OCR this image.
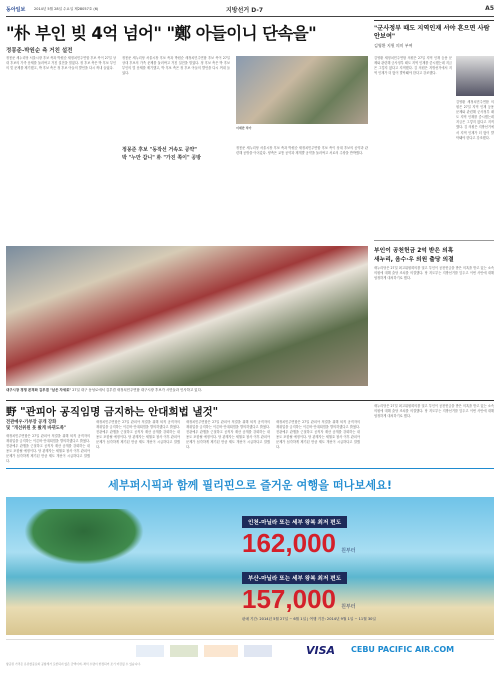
동아일보 2014년 5월 28일 수요일 제28057호 (6)	지방선거 D-7	A5
"朴 부인 빚 4억 넘어" "鄭 아들이니 단속을"
정몽준-박원순 측 거친 설전
정몽준 새누리당 서울시장 후보 측과 박원순 새정치민주연합 후보 측이 27일 상대 후보의 가족 문제를 둘러싸고 거친 설전을 벌였다. 정 후보 측은 박 후보 부인의 빚 문제를 제기했고, 박 후보 측은 정 후보 아들의 발언을 다시 꺼내 들었다.
정몽준 새누리당 서울시장 후보 측과 박원순 새정치민주연합 후보 측이 27일 상대 후보의 가족 문제를 둘러싸고 거친 설전을 벌였다. 정 후보 측은 박 후보 부인의 빚 문제를 제기했고, 박 후보 측은 정 후보 아들의 발언을 다시 꺼내 들었다.
이재만 작가
정몽준 후보 "동작선 거속도 공약"
박 "누만 갑니" 朴 "가진 쪽이" 공방
정몽준 새누리당 서울시장 후보 측과 박원순 새정치민주연합 후보 측이 상대 후보의 공약과 관련해 공방을 이어갔다. 양측은 교통 공약과 재개발 공약을 둘러싸고 서로의 주장을 반박했다.
대구시장 경쟁 본격화 김부겸 "남은 자세로" 27일 대구 동성로에서 김부겸 새정치민주연합 대구시장 후보가 시민들과 인사하고 있다.
"군사정부 때도 지역인재 서야 흔으면 사람 안보여"
김영환 지원 의미 부여
김영환 새정치민주연합 의원은 27일 지역 인재 등용 문제와 관련해 군사정부 때도 지역 인재를 중시했는데 지금은 그렇지 않다고 지적했다. 김 의원은 지방선거에서 지역 인재가 더 많이 발탁돼야 한다고 강조했다.
김영환 새정치민주연합 의원은 27일 지역 인재 등용 문제와 관련해 군사정부 때도 지역 인재를 중시했는데 지금은 그렇지 않다고 지적했다. 김 의원은 지방선거에서 지역 인재가 더 많이 발탁돼야 한다고 강조했다.
부인이 공천헌금 2억 받은 의혹
새누리, 음수·우 의원 출당 의결
새누리당은 27일 최고위원회의를 열고 부인이 공천헌금을 받은 의혹을 받고 있는 소속 의원에 대해 출당 조치를 의결했다. 당 지도부는 지방선거를 앞두고 이번 사안에 대해 엄정하게 대처하기로 했다.
野 "관피아 공직임명 금지하는 안대희법 낼것"
전관예우·가부장 공개 강화
및 "개선위원 못 봤게 바뀌도록"
새정치민주연합은 27일 관피아 척결을 위해 퇴직 공직자의 재취업을 금지하는 이른바 안대희법을 발의하겠다고 밝혔다. 전관예우 관행을 근절하고 공직자 재산 공개를 강화하는 내용도 포함될 예정이다. 당 관계자는 세월호 참사 이후 관피아 문제가 심각하게 제기된 만큼 제도 개선이 시급하다고 말했다.
새정치민주연합은 27일 관피아 척결을 위해 퇴직 공직자의 재취업을 금지하는 이른바 안대희법을 발의하겠다고 밝혔다. 전관예우 관행을 근절하고 공직자 재산 공개를 강화하는 내용도 포함될 예정이다. 당 관계자는 세월호 참사 이후 관피아 문제가 심각하게 제기된 만큼 제도 개선이 시급하다고 말했다.
새정치민주연합은 27일 관피아 척결을 위해 퇴직 공직자의 재취업을 금지하는 이른바 안대희법을 발의하겠다고 밝혔다. 전관예우 관행을 근절하고 공직자 재산 공개를 강화하는 내용도 포함될 예정이다. 당 관계자는 세월호 참사 이후 관피아 문제가 심각하게 제기된 만큼 제도 개선이 시급하다고 말했다.
새정치민주연합은 27일 관피아 척결을 위해 퇴직 공직자의 재취업을 금지하는 이른바 안대희법을 발의하겠다고 밝혔다. 전관예우 관행을 근절하고 공직자 재산 공개를 강화하는 내용도 포함될 예정이다. 당 관계자는 세월호 참사 이후 관피아 문제가 심각하게 제기된 만큼 제도 개선이 시급하다고 말했다.
새누리당은 27일 최고위원회의를 열고 부인이 공천헌금을 받은 의혹을 받고 있는 소속 의원에 대해 출당 조치를 의결했다. 당 지도부는 지방선거를 앞두고 이번 사안에 대해 엄정하게 대처하기로 했다.
세부퍼시픽과 함께 필리핀으로 즐거운 여행을 떠나보세요!
인천-마닐라 또는 세부 왕복 최저 편도
162,000 원부터
부산-마닐라 또는 세부 왕복 최저 편도
157,000 원부터
판매 기간: 2014년 5월 27일 ~ 6월 1일 | 여행 기간: 2014년 9월 1일 ~ 11월 30일
VISA CEBU PACIFIC AIR.COM
항공권 가격은 유류할증료와 공항세가 포함되지 않은 금액이며, 좌석 수량이 한정되어 조기 마감될 수 있습니다.
